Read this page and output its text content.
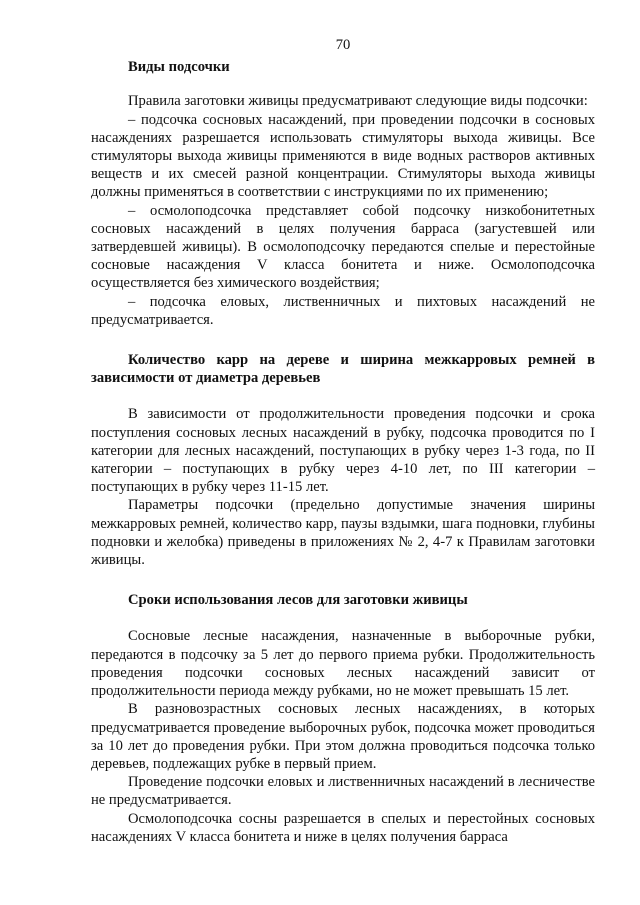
70
Виды подсочки

Правила заготовки живицы предусматривают следующие виды подсочки:

– подсочка сосновых насаждений, при проведении подсочки в сосновых насаждениях разрешается использовать стимуляторы выхода живицы. Все стимуляторы выхода живицы применяются в виде водных растворов активных веществ и их смесей разной концентрации. Стимуляторы выхода живицы должны применяться в соответствии с инструкциями по их применению;

– осмолоподсочка представляет собой подсочку низкобонитетных сосновых насаждений в целях получения барраса (загустевшей или затвердевшей живицы). В осмолоподсочку передаются спелые и перестойные сосновые насаждения V класса бонитета и ниже. Осмолоподсочка осуществляется без химического воздействия;

– подсочка еловых, лиственничных и пихтовых насаждений не предусматривается.

Количество карр на дереве и ширина межкарровых ремней в зависимости от диаметра деревьев

В зависимости от продолжительности проведения подсочки и срока поступления сосновых лесных насаждений в рубку, подсочка проводится по I категории для лесных насаждений, поступающих в рубку через 1-3 года, по II категории – поступающих в рубку через 4-10 лет, по III категории – поступающих в рубку через 11-15 лет.

Параметры подсочки (предельно допустимые значения ширины межкарровых ремней, количество карр, паузы вздымки, шага подновки, глубины подновки и желобка) приведены в приложениях № 2, 4-7 к Правилам заготовки живицы.

Сроки использования лесов для заготовки живицы

Сосновые лесные насаждения, назначенные в выборочные рубки, передаются в подсочку за 5 лет до первого приема рубки. Продолжительность проведения подсочки сосновых лесных насаждений зависит от продолжительности периода между рубками, но не может превышать 15 лет.

В разновозрастных сосновых лесных насаждениях, в которых предусматривается проведение выборочных рубок, подсочка может проводиться за 10 лет до проведения рубки. При этом должна проводиться подсочка только деревьев, подлежащих рубке в первый прием.

Проведение подсочки еловых и лиственничных насаждений в лесничестве не предусматривается.

Осмолоподсочка сосны разрешается в спелых и перестойных сосновых насаждениях V класса бонитета и ниже в целях получения барраса
